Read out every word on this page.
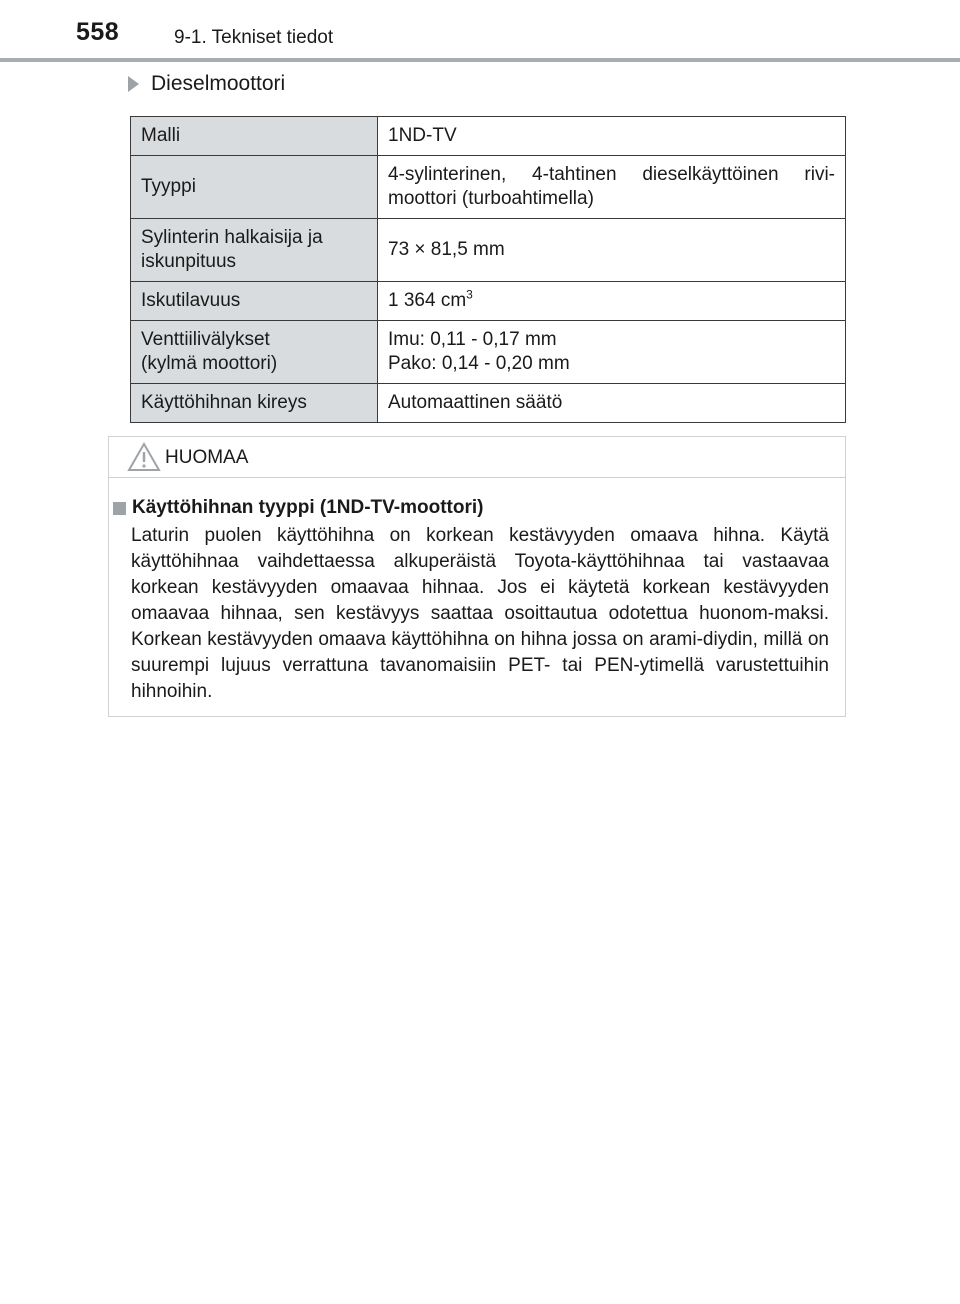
558	9-1. Tekniset tiedot
Dieselmoottori
Malli	1ND-TV
Tyyppi	4-sylinterinen, 4-tahtinen dieselkäyttöinen rivi-moottori (turboahtimella)
Sylinterin halkaisija ja
iskunpituus	73 × 81,5 mm
Iskutilavuus	1 364 $cm^3$
Venttiilivälykset
(kylmä moottori)	Imu: 0,11 - 0,17 mm
Pako: 0,14 - 0,20 mm
Käyttöhihnan kireys	Automaattinen säätö
HUOMAA
Käyttöhihnan tyyppi (1ND-TV-moottori)
Laturin puolen käyttöhihna on korkean kestävyyden omaava hihna. Käytä käyttöhihnaa vaihdettaessa alkuperäistä Toyota-käyttöhihnaa tai vastaavaa korkean kestävyyden omaavaa hihnaa. Jos ei käytetä korkean kestävyyden omaavaa hihnaa, sen kestävyys saattaa osoittautua odotettua huonom-maksi. Korkean kestävyyden omaava käyttöhihna on hihna jossa on arami-diydin, millä on suurempi lujuus verrattuna tavanomaisiin PET- tai PEN-ytimellä varustettuihin hihnoihin.
